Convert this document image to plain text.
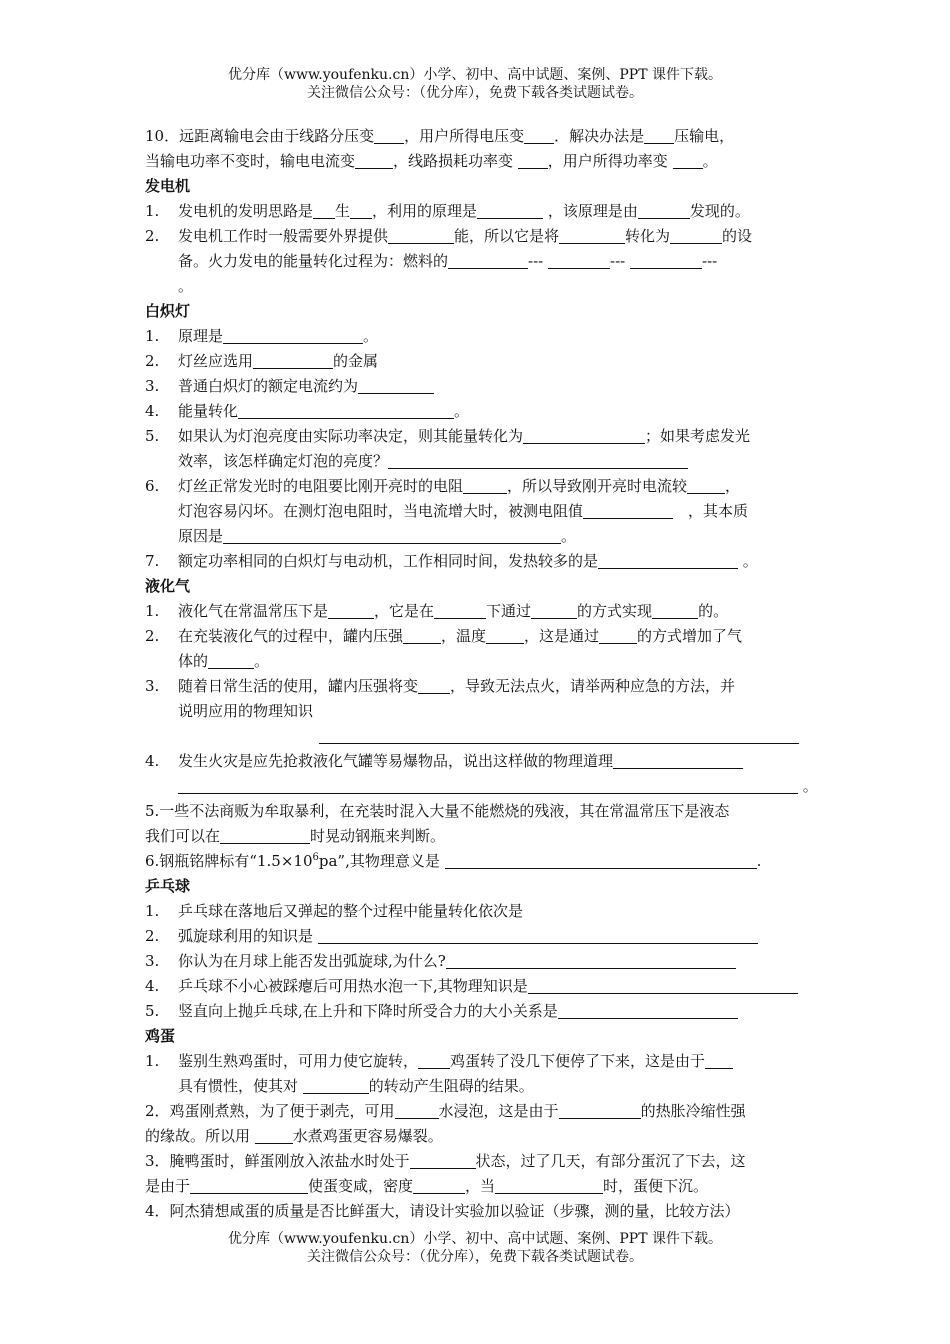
优分库（www.youfenku.cn）小学、初中、高中试题、案例、PPT 课件下载。
关注微信公众号：（优分库），免费下载各类试题试卷。
10．远距离输电会由于线路分压变 ，用户所得电压变 ．解决办法是 压输电，
当输电功率不变时，输电电流变	，线路损耗功率变 ，用户所得功率变 。
发电机
1. 发电机的发明思路是 生 ，利用的原理是	，该原理是由	发现的。
2. 发电机工作时一般需要外界提供	能，所以它是将	转化为	的设
备。火力发电的能量转化过程为：燃料的	---	---	---
。
白炽灯
1. 原理是	。
2. 灯丝应选用	的金属
3. 普通白炽灯的额定电流约为
4. 能量转化	。
5. 如果认为灯泡亮度由实际功率决定，则其能量转化为	；如果考虑发光
效率，该怎样确定灯泡的亮度？
6. 灯丝正常发光时的电阻要比刚开亮时的电阻	，所以导致刚开亮时电流较	，
灯泡容易闪坏。在测灯泡电阻时，当电流增大时，被测电阻值	　，其本质
原因是	。
7. 额定功率相同的白炽灯与电动机，工作相同时间，发热较多的是	。
液化气
1. 液化气在常温常压下是	，它是在	下通过	的方式实现	的。
2. 在充装液化气的过程中，罐内压强	，温度	，这是通过	的方式增加了气
体的	。
3. 随着日常生活的使用，罐内压强将变 ，导致无法点火，请举两种应急的方法，并
说明应用的物理知识
4. 发生火灾是应先抢救液化气罐等易爆物品，说出这样做的物理道理
。
5.一些不法商贩为牟取暴利，在充装时混入大量不能燃烧的残液，其在常温常压下是液态
我们可以在	时晃动钢瓶来判断。
6.钢瓶铭牌标有“$1.5\times 10^6pa$”,其物理意义是	.
乒乓球
1. 乒乓球在落地后又弹起的整个过程中能量转化依次是
2. 弧旋球利用的知识是
3. 你认为在月球上能否发出弧旋球,为什么?
4. 乒乓球不小心被踩瘪后可用热水泡一下,其物理知识是
5. 竖直向上抛乒乓球,在上升和下降时所受合力的大小关系是
鸡蛋
1. 鉴别生熟鸡蛋时，可用力使它旋转， 鸡蛋转了没几下便停了下来，这是由于
具有惯性，使其对	的转动产生阻碍的结果。
2．鸡蛋刚煮熟，为了便于剥壳，可用	水浸泡，这是由于	的热胀冷缩性强
的缘故。所以用	水煮鸡蛋更容易爆裂。
3．腌鸭蛋时，鲜蛋刚放入浓盐水时处于	状态，过了几天，有部分蛋沉了下去，这
是由于	使蛋变咸，密度	，当	时，蛋便下沉。
4．阿杰猜想咸蛋的质量是否比鲜蛋大，请设计实验加以验证（步骤，测的量，比较方法）
优分库（www.youfenku.cn）小学、初中、高中试题、案例、PPT 课件下载。
关注微信公众号：（优分库），免费下载各类试题试卷。
